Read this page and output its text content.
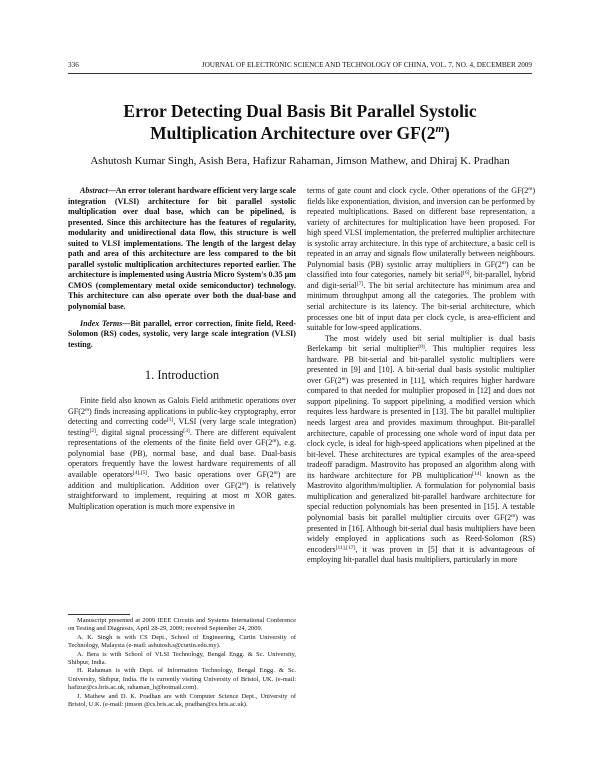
336	JOURNAL OF ELECTRONIC SCIENCE AND TECHNOLOGY OF CHINA, VOL. 7, NO. 4, DECEMBER 2009
Error Detecting Dual Basis Bit Parallel Systolic
Multiplication Architecture over GF(2$^m$)
Ashutosh Kumar Singh, Asish Bera, Hafizur Rahaman, Jimson Mathew, and Dhiraj K. Pradhan

Abstract—An error tolerant hardware efficient very large scale integration (VLSI) architecture for bit parallel systolic multiplication over dual base, which can be pipelined, is presented. Since this architecture has the features of regularity, modularity and unidirectional data flow, this structure is well suited to VLSI implementations. The length of the largest delay path and area of this architecture are less compared to the bit parallel systolic multiplication architectures reported earlier. The architecture is implemented using Austria Micro System's 0.35 µm CMOS (complementary metal oxide semiconductor) technology. This architecture can also operate over both the dual-base and polynomial base.

Index Terms—Bit parallel, error correction, finite field, Reed-Solomon (RS) codes, systolic, very large scale integration (VLSI) testing.

1. Introduction

Finite field also known as Galois Field arithmetic operations over GF(2$^m$) finds increasing applications in public-key cryptography, error detecting and correcting code[1], VLSI (very large scale integration) testing[2], digital signal processing[3]. There are different equivalent representations of the elements of the finite field over GF(2$^m$), e.g. polynomial base (PB), normal base, and dual base. Dual-basis operators frequently have the lowest hardware requirements of all available operators[4],[5]. Two basic operations over GF(2$^m$) are addition and multiplication. Addition over GF(2$^m$) is relatively straightforward to implement, requiring at most m XOR gates. Multiplication operation is much more expensive in

Manuscript presented at 2009 IEEE Circuits and Systems International Conference on Testing and Diagnosis, April 28-29, 2009; received September 24, 2009.

A. K. Singh is with CS Dept., School of Engineering, Curtin University of Technology, Malaysia (e-mail: ashutosh.s@curtin.edu.my).

A. Bera is with School of VLSI Technology, Bengal Engg. & Sc. University, Shibpur, India.

H. Rahaman is with Dept. of Information Technology, Bengal Engg. & Sc. University, Shibpur, India. He is currently visiting University of Bristol, UK. (e-mail: hafizur@cs.bris.ac.uk, rahaman_h@hotmail.com).

J. Mathew and D. K. Pradhan are with Computer Science Dept., University of Bristol, U.K. (e-mail: jimson @cs.bris.ac.uk, pradhan@cs.bris.ac.uk).

terms of gate count and clock cycle. Other operations of the GF(2$^m$) fields like exponentiation, division, and inversion can be performed by repeated multiplications. Based on different base representation, a variety of architectures for multiplication have been proposed. For high speed VLSI implementation, the preferred multiplier architecture is systolic array architecture. In this type of architecture, a basic cell is repeated in an array and signals flow unilaterally between neighbours. Polynomial basis (PB) systolic array multipliers in GF(2$^m$) can be classified into four categories, namely bit serial[6], bit-parallel, hybrid and digit-serial[7]. The bit serial architecture has minimum area and minimum throughput among all the categories. The problem with serial architecture is its latency. The bit-serial architecture, which processes one bit of input data per clock cycle, is area-efficient and suitable for low-speed applications.

The most widely used bit serial multiplier is dual basis Berlekamp bit serial multiplier[8]. This multiplier requires less hardware. PB bit-serial and bit-parallel systolic multipliers were presented in [9] and [10]. A bit-serial dual basis systolic multiplier over GF(2$^m$) was presented in [11], which requires higher hardware compared to that needed for multiplier proposed in [12] and does not support pipelining. To support pipelining, a modified version which requires less hardware is presented in [13]. The bit parallel multiplier needs largest area and provides maximum throughput. Bit-parallel architecture, capable of processing one whole word of input data per clock cycle, is ideal for high-speed applications when pipelined at the bit-level. These architectures are typical examples of the area-speed tradeoff paradigm. Mastrovito has proposed an algorithm along with its hardware architecture for PB multiplication[14] known as the Mastrovito algorithm/multiplier. A formulation for polynomial basis multiplication and generalized bit-parallel hardware architecture for special reduction polynomials has been presented in [15]. A testable polynomial basis bit parallel multiplier circuits over GF(2$^m$) was presented in [16]. Although bit-serial dual basis multipliers have been widely employed in applications such as Reed-Solomon (RS) encoders[11],[17], it was proven in [5] that it is advantageous of employing bit-parallel dual basis multipliers, particularly in more
